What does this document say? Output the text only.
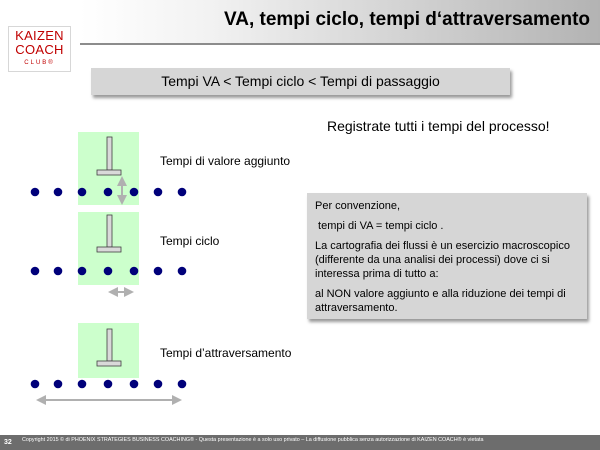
VA, tempi ciclo, tempi d‘attraversamento
KAIZEN
COACH
CLUB®
Tempi VA < Tempi ciclo < Tempi di passaggio
Registrate tutti i tempi del processo!
Tempi di valore aggiunto
Tempi ciclo
Tempi d’attraversamento

Per convenzione,

tempi di VA = tempi ciclo .

La cartografia dei flussi è un esercizio macroscopico (differente da una analisi dei processi) dove ci si interessa prima di tutto a:

al NON valore aggiunto e alla riduzione dei tempi di attraversamento.

32 Copyright 2015 © di PHOENIX STRATEGIES BUSINESS COACHING® - Questa presentazione è a solo uso privato – La diffusione pubblica senza autorizzazione di KAIZEN COACH® è vietata
